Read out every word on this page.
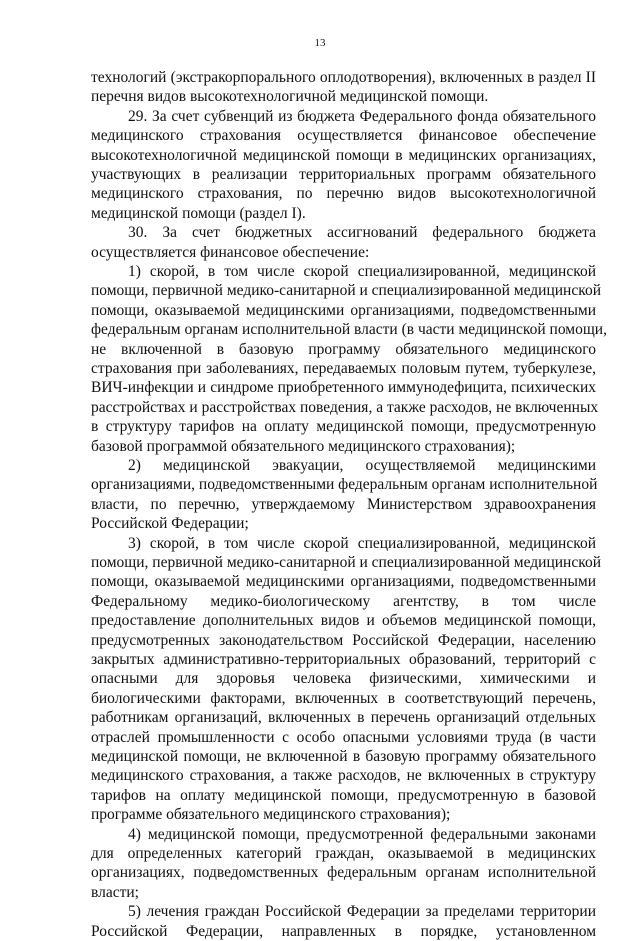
13
технологий (экстракорпорального оплодотворения), включенных в раздел II
перечня видов высокотехнологичной медицинской помощи.
29. За счет субвенций из бюджета Федерального фонда обязательного
медицинского страхования осуществляется финансовое обеспечение
высокотехнологичной медицинской помощи в медицинских организациях,
участвующих в реализации территориальных программ обязательного
медицинского страхования, по перечню видов высокотехнологичной
медицинской помощи (раздел I).
30. За счет бюджетных ассигнований федерального бюджета
осуществляется финансовое обеспечение:
1) скорой, в том числе скорой специализированной, медицинской
помощи, первичной медико-санитарной и специализированной медицинской
помощи, оказываемой медицинскими организациями, подведомственными
федеральным органам исполнительной власти (в части медицинской помощи,
не включенной в базовую программу обязательного медицинского
страхования при заболеваниях, передаваемых половым путем, туберкулезе,
ВИЧ-инфекции и синдроме приобретенного иммунодефицита, психических
расстройствах и расстройствах поведения, а также расходов, не включенных
в структуру тарифов на оплату медицинской помощи, предусмотренную
базовой программой обязательного медицинского страхования);
2) медицинской эвакуации, осуществляемой медицинскими
организациями, подведомственными федеральным органам исполнительной
власти, по перечню, утверждаемому Министерством здравоохранения
Российской Федерации;
3) скорой, в том числе скорой специализированной, медицинской
помощи, первичной медико-санитарной и специализированной медицинской
помощи, оказываемой медицинскими организациями, подведомственными
Федеральному медико-биологическому агентству, в том числе
предоставление дополнительных видов и объемов медицинской помощи,
предусмотренных законодательством Российской Федерации, населению
закрытых административно-территориальных образований, территорий с
опасными для здоровья человека физическими, химическими и
биологическими факторами, включенных в соответствующий перечень,
работникам организаций, включенных в перечень организаций отдельных
отраслей промышленности с особо опасными условиями труда (в части
медицинской помощи, не включенной в базовую программу обязательного
медицинского страхования, а также расходов, не включенных в структуру
тарифов на оплату медицинской помощи, предусмотренную в базовой
программе обязательного медицинского страхования);
4) медицинской помощи, предусмотренной федеральными законами
для определенных категорий граждан, оказываемой в медицинских
организациях, подведомственных федеральным органам исполнительной
власти;
5) лечения граждан Российской Федерации за пределами территории
Российской Федерации, направленных в порядке, установленном
